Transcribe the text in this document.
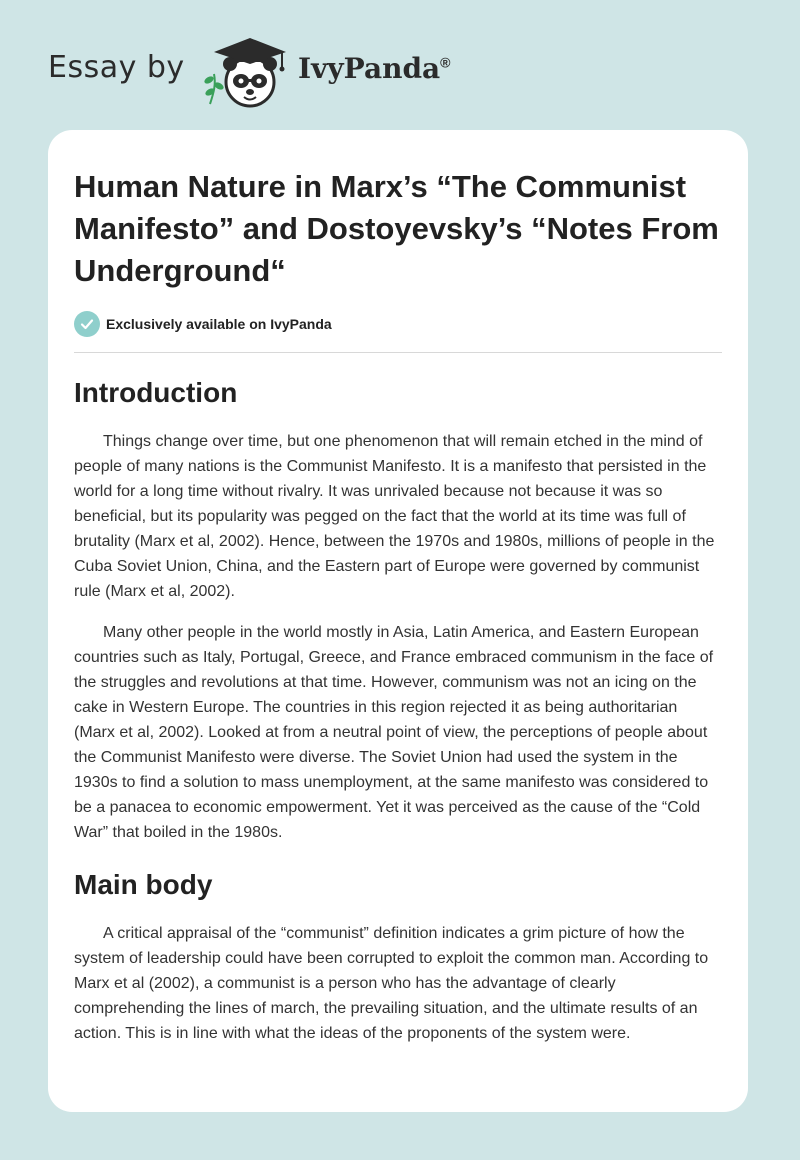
Essay by	IvyPanda®
Human Nature in Marx’s “The Communist Manifesto” and Dostoyevsky’s “Notes From Underground“
Exclusively available on IvyPanda
Introduction

Things change over time, but one phenomenon that will remain etched in the mind of people of many nations is the Communist Manifesto. It is a manifesto that persisted in the world for a long time without rivalry. It was unrivaled because not because it was so beneficial, but its popularity was pegged on the fact that the world at its time was full of brutality (Marx et al, 2002). Hence, between the 1970s and 1980s, millions of people in the Cuba Soviet Union, China, and the Eastern part of Europe were governed by communist rule (Marx et al, 2002).

Many other people in the world mostly in Asia, Latin America, and Eastern European countries such as Italy, Portugal, Greece, and France embraced communism in the face of the struggles and revolutions at that time. However, communism was not an icing on the cake in Western Europe. The countries in this region rejected it as being authoritarian (Marx et al, 2002). Looked at from a neutral point of view, the perceptions of people about the Communist Manifesto were diverse. The Soviet Union had used the system in the 1930s to find a solution to mass unemployment, at the same manifesto was considered to be a panacea to economic empowerment. Yet it was perceived as the cause of the “Cold War” that boiled in the 1980s.

Main body

A critical appraisal of the “communist” definition indicates a grim picture of how the system of leadership could have been corrupted to exploit the common man. According to Marx et al (2002), a communist is a person who has the advantage of clearly comprehending the lines of march, the prevailing situation, and the ultimate results of an action. This is in line with what the ideas of the proponents of the system were.
